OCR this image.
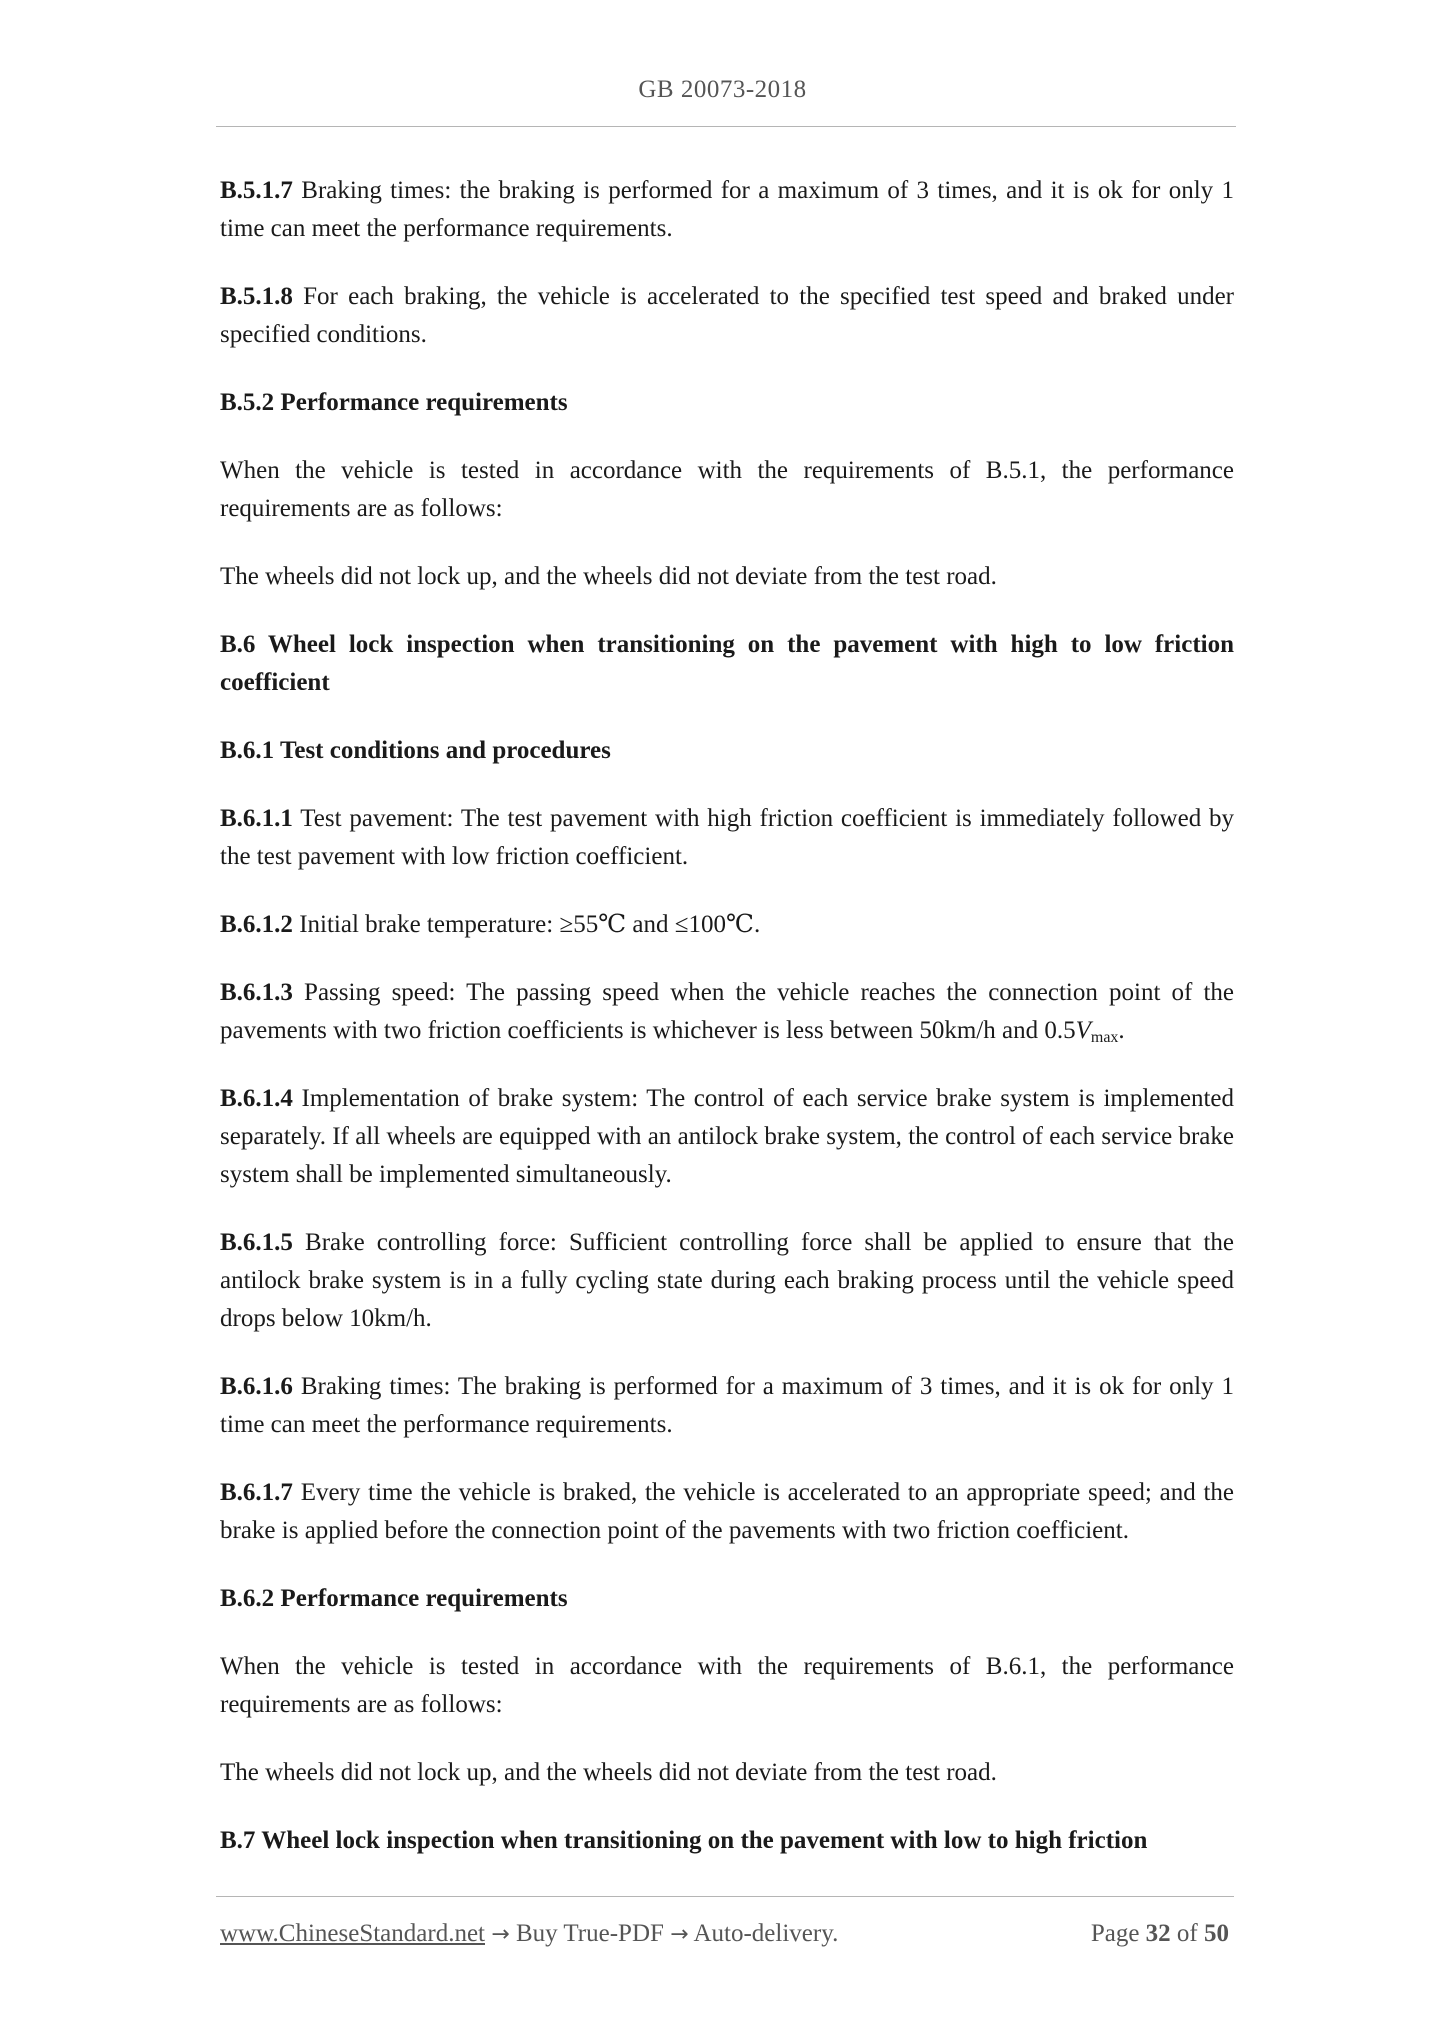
GB 20073-2018

B.5.1.7 Braking times: the braking is performed for a maximum of 3 times, and it is ok for only 1 time can meet the performance requirements.

B.5.1.8 For each braking, the vehicle is accelerated to the specified test speed and braked under specified conditions.

B.5.2 Performance requirements

When the vehicle is tested in accordance with the requirements of B.5.1, the performance requirements are as follows:

The wheels did not lock up, and the wheels did not deviate from the test road.

B.6 Wheel lock inspection when transitioning on the pavement with high to low friction coefficient

B.6.1 Test conditions and procedures

B.6.1.1 Test pavement: The test pavement with high friction coefficient is immediately followed by the test pavement with low friction coefficient.

B.6.1.2 Initial brake temperature: ≥55℃ and ≤100℃.

B.6.1.3 Passing speed: The passing speed when the vehicle reaches the connection point of the pavements with two friction coefficients is whichever is less between 50km/h and $0.5V_{max}$.

B.6.1.4 Implementation of brake system: The control of each service brake system is implemented separately. If all wheels are equipped with an antilock brake system, the control of each service brake system shall be implemented simultaneously.

B.6.1.5 Brake controlling force: Sufficient controlling force shall be applied to ensure that the antilock brake system is in a fully cycling state during each braking process until the vehicle speed drops below 10km/h.

B.6.1.6 Braking times: The braking is performed for a maximum of 3 times, and it is ok for only 1 time can meet the performance requirements.

B.6.1.7 Every time the vehicle is braked, the vehicle is accelerated to an appropriate speed; and the brake is applied before the connection point of the pavements with two friction coefficient.

B.6.2 Performance requirements

When the vehicle is tested in accordance with the requirements of B.6.1, the performance requirements are as follows:

The wheels did not lock up, and the wheels did not deviate from the test road.

B.7 Wheel lock inspection when transitioning on the pavement with low to high friction

www.ChineseStandard.net → Buy True-PDF → Auto-delivery.	Page 32 of 50
